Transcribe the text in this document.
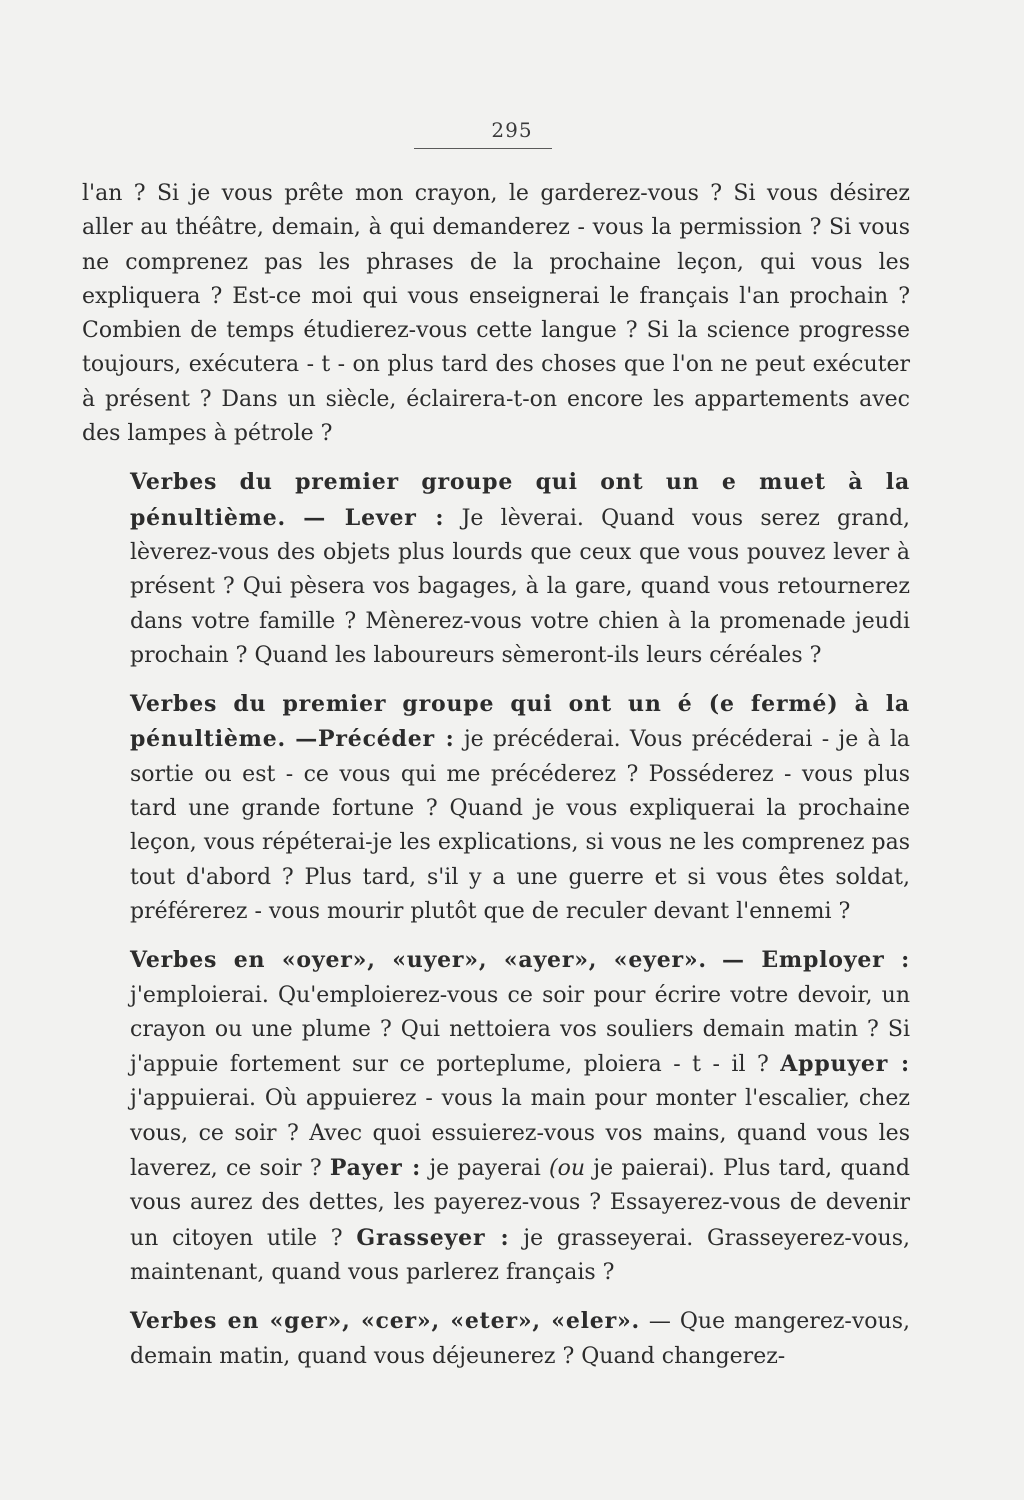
295

l'an ? Si je vous prête mon crayon, le garderez-vous ? Si vous désirez aller au théâtre, demain, à qui demanderez - vous la permission ? Si vous ne comprenez pas les phrases de la prochaine leçon, qui vous les expliquera ? Est-ce moi qui vous enseignerai le français l'an prochain ? Combien de temps étudierez-vous cette langue ? Si la science progresse toujours, exécutera - t - on plus tard des choses que l'on ne peut exécuter à présent ? Dans un siècle, éclairera-t-on encore les appartements avec des lampes à pétrole ?

Verbes du premier groupe qui ont un e muet à la pénultième. — Lever : Je lèverai. Quand vous serez grand, lèverez-vous des objets plus lourds que ceux que vous pouvez lever à présent ? Qui pèsera vos bagages, à la gare, quand vous retournerez dans votre famille ? Mènerez-vous votre chien à la promenade jeudi prochain ? Quand les laboureurs sèmeront-ils leurs céréales ?

Verbes du premier groupe qui ont un é (e fermé) à la pénultième. —Précéder : je précéderai. Vous précéderai - je à la sortie ou est - ce vous qui me précéderez ? Posséderez - vous plus tard une grande fortune ? Quand je vous expliquerai la prochaine leçon, vous répéterai-je les explications, si vous ne les comprenez pas tout d'abord ? Plus tard, s'il y a une guerre et si vous êtes soldat, préférerez - vous mourir plutôt que de reculer devant l'ennemi ?

Verbes en «oyer», «uyer», «ayer», «eyer». — Employer : j'emploierai. Qu'emploierez-vous ce soir pour écrire votre devoir, un crayon ou une plume ? Qui nettoiera vos souliers demain matin ? Si j'appuie fortement sur ce porteplume, ploiera - t - il ? Appuyer : j'appuierai. Où appuierez - vous la main pour monter l'escalier, chez vous, ce soir ? Avec quoi essuierez-vous vos mains, quand vous les laverez, ce soir ? Payer : je payerai (ou je paierai). Plus tard, quand vous aurez des dettes, les payerez-vous ? Essayerez-vous de devenir un citoyen utile ? Grasseyer : je grasseyerai. Grasseyerez-vous, maintenant, quand vous parlerez français ?

Verbes en «ger», «cer», «eter», «eler». — Que mangerez-vous, demain matin, quand vous déjeunerez ? Quand changerez-
